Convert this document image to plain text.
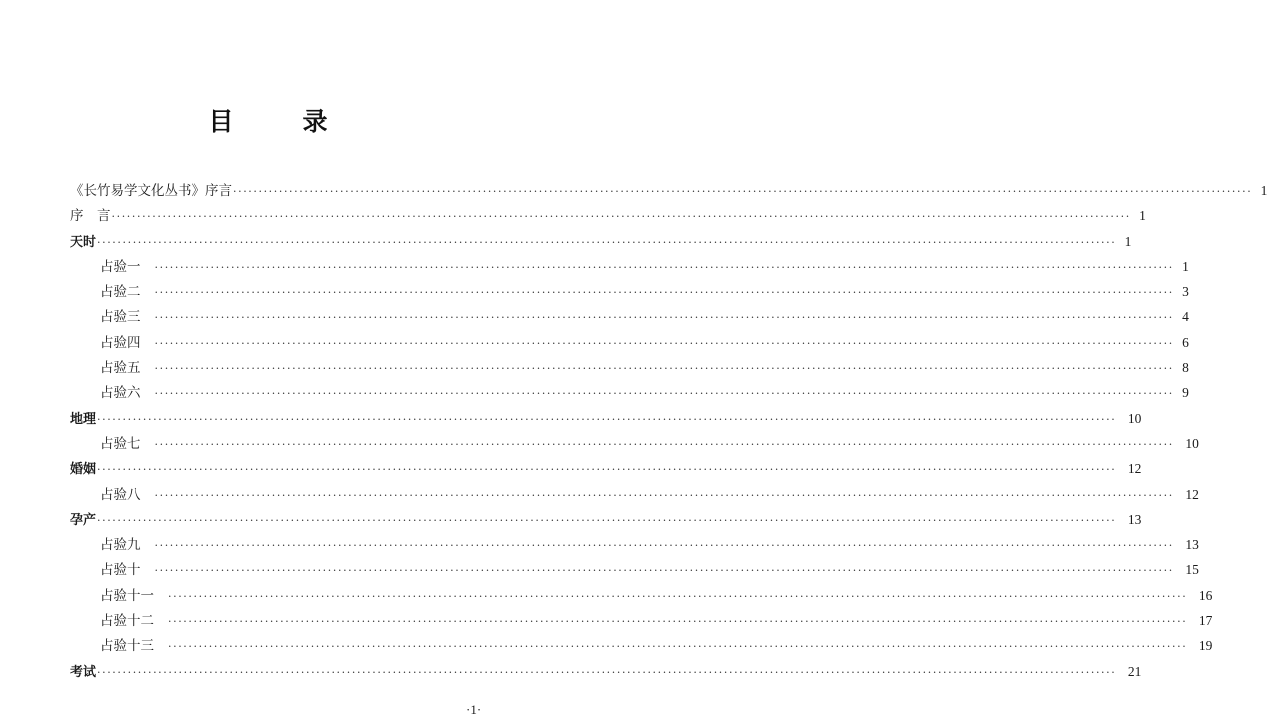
目　录
《长竹易学文化丛书》序言 ········································································································································································································ 1
序　言 ········································································································································································································ 1
天时 ········································································································································································································ 1
占验一 ········································································································································································································ 1
占验二 ········································································································································································································ 3
占验三 ········································································································································································································ 4
占验四 ········································································································································································································ 6
占验五 ········································································································································································································ 8
占验六 ········································································································································································································ 9
地理 ········································································································································································································ 10
占验七 ········································································································································································································ 10
婚姻 ········································································································································································································ 12
占验八 ········································································································································································································ 12
孕产 ········································································································································································································ 13
占验九 ········································································································································································································ 13
占验十 ········································································································································································································ 15
占验十一 ········································································································································································································ 16
占验十二 ········································································································································································································ 17
占验十三 ········································································································································································································ 19
考试 ········································································································································································································ 21
·1·
